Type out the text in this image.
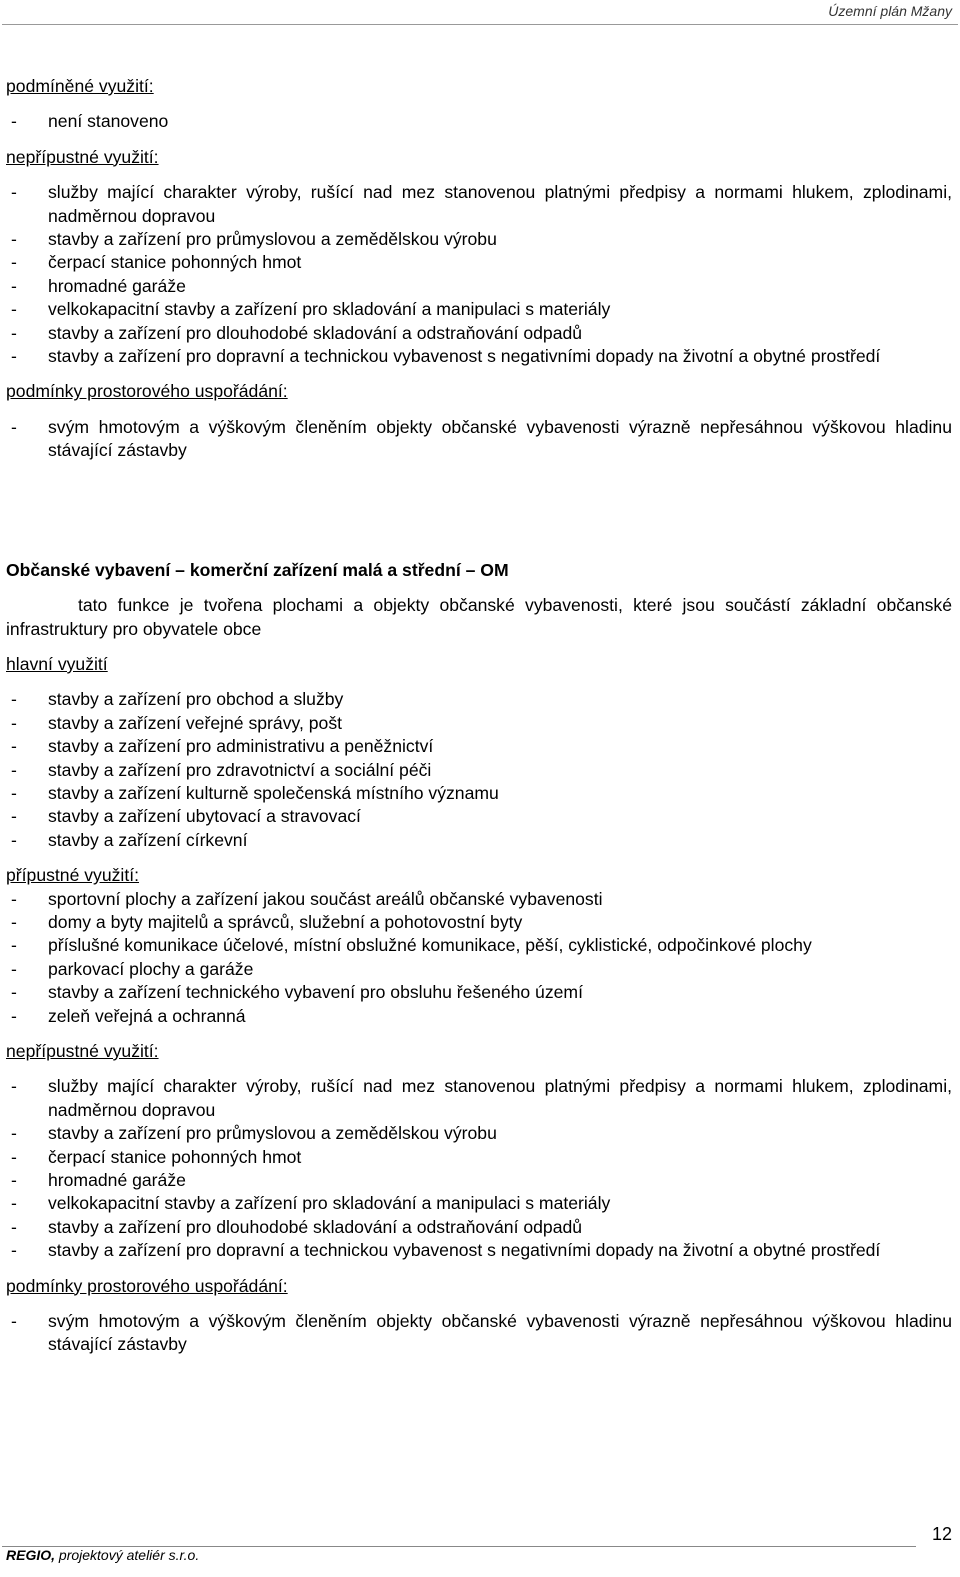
Územní plán Mžany
podmíněné využití:
- není stanoveno
nepřípustné využití:
- služby mající charakter výroby, rušící nad mez stanovenou platnými předpisy a normami hlukem, zplodinami, nadměrnou dopravou
- stavby a zařízení pro průmyslovou a zemědělskou výrobu
- čerpací stanice pohonných hmot
- hromadné garáže
- velkokapacitní stavby a zařízení pro skladování a manipulaci s materiály
- stavby a zařízení pro dlouhodobé skladování a odstraňování odpadů
- stavby a zařízení pro dopravní a technickou vybavenost s negativními dopady na životní a obytné prostředí
podmínky prostorového uspořádání:
- svým hmotovým a výškovým členěním objekty občanské vybavenosti výrazně nepřesáhnou výškovou hladinu stávající zástavby
Občanské vybavení – komerční zařízení malá a střední – OM
tato funkce je tvořena plochami a objekty občanské vybavenosti, které jsou součástí základní občanské infrastruktury pro obyvatele obce
hlavní využití
- stavby a zařízení pro obchod a služby
- stavby a zařízení veřejné správy, pošt
- stavby a zařízení pro administrativu a peněžnictví
- stavby a zařízení pro zdravotnictví a sociální péči
- stavby a zařízení kulturně společenská místního významu
- stavby a zařízení ubytovací a stravovací
- stavby a zařízení církevní
přípustné využití:
- sportovní plochy a zařízení jakou součást areálů občanské vybavenosti
- domy a byty majitelů a správců, služební a pohotovostní byty
- příslušné komunikace účelové, místní obslužné komunikace, pěší, cyklistické, odpočinkové plochy
- parkovací plochy a garáže
- stavby a zařízení technického vybavení pro obsluhu řešeného území
- zeleň veřejná a ochranná
nepřípustné využití:
- služby mající charakter výroby, rušící nad mez stanovenou platnými předpisy a normami hlukem, zplodinami, nadměrnou dopravou
- stavby a zařízení pro průmyslovou a zemědělskou výrobu
- čerpací stanice pohonných hmot
- hromadné garáže
- velkokapacitní stavby a zařízení pro skladování a manipulaci s materiály
- stavby a zařízení pro dlouhodobé skladování a odstraňování odpadů
- stavby a zařízení pro dopravní a technickou vybavenost s negativními dopady na životní a obytné prostředí
podmínky prostorového uspořádání:
- svým hmotovým a výškovým členěním objekty občanské vybavenosti výrazně nepřesáhnou výškovou hladinu stávající zástavby
12
REGIO, projektový ateliér s.r.o.
